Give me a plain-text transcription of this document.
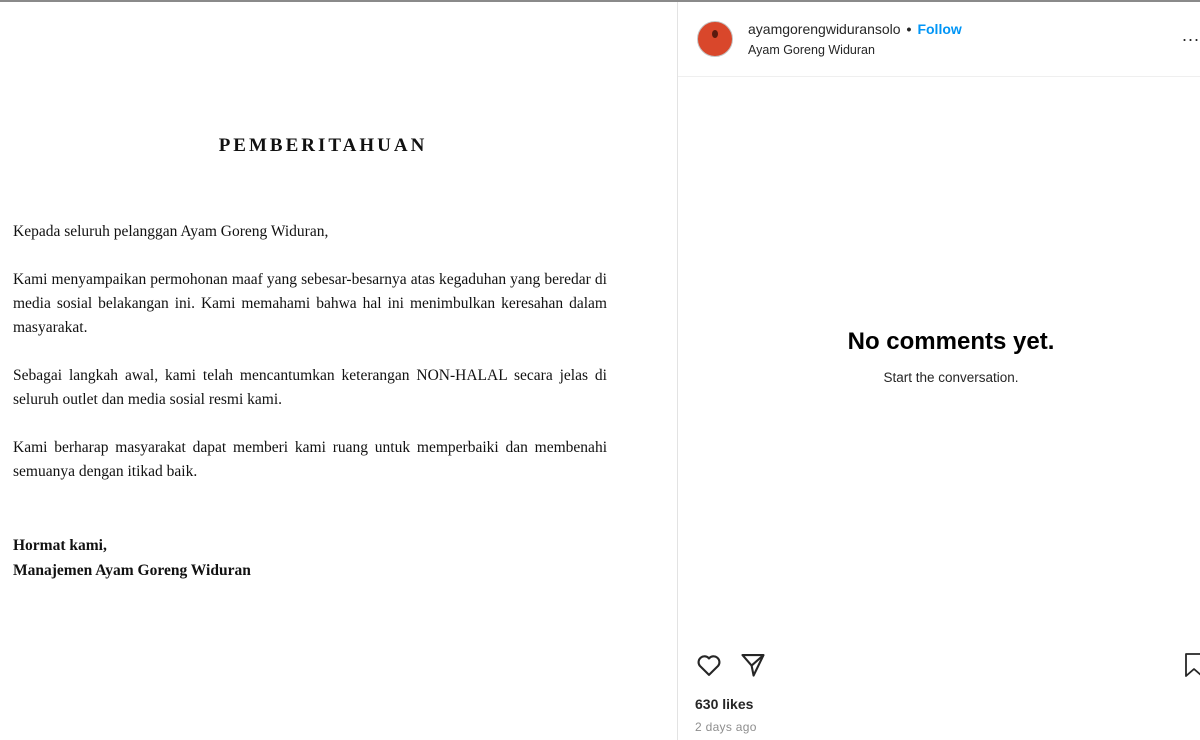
PEMBERITAHUAN
Kepada seluruh pelanggan Ayam Goreng Widuran,
Kami menyampaikan permohonan maaf yang sebesar-besarnya atas kegaduhan yang beredar di media sosial belakangan ini. Kami memahami bahwa hal ini menimbulkan keresahan dalam masyarakat.
Sebagai langkah awal, kami telah mencantumkan keterangan NON-HALAL secara jelas di seluruh outlet dan media sosial resmi kami.
Kami berharap masyarakat dapat memberi kami ruang untuk memperbaiki dan membenahi semuanya dengan itikad baik.
Hormat kami,
Manajemen Ayam Goreng Widuran
ayamgorengwiduransolo • Follow
Ayam Goreng Widuran
...
No comments yet.
Start the conversation.
630 likes
2 days ago
